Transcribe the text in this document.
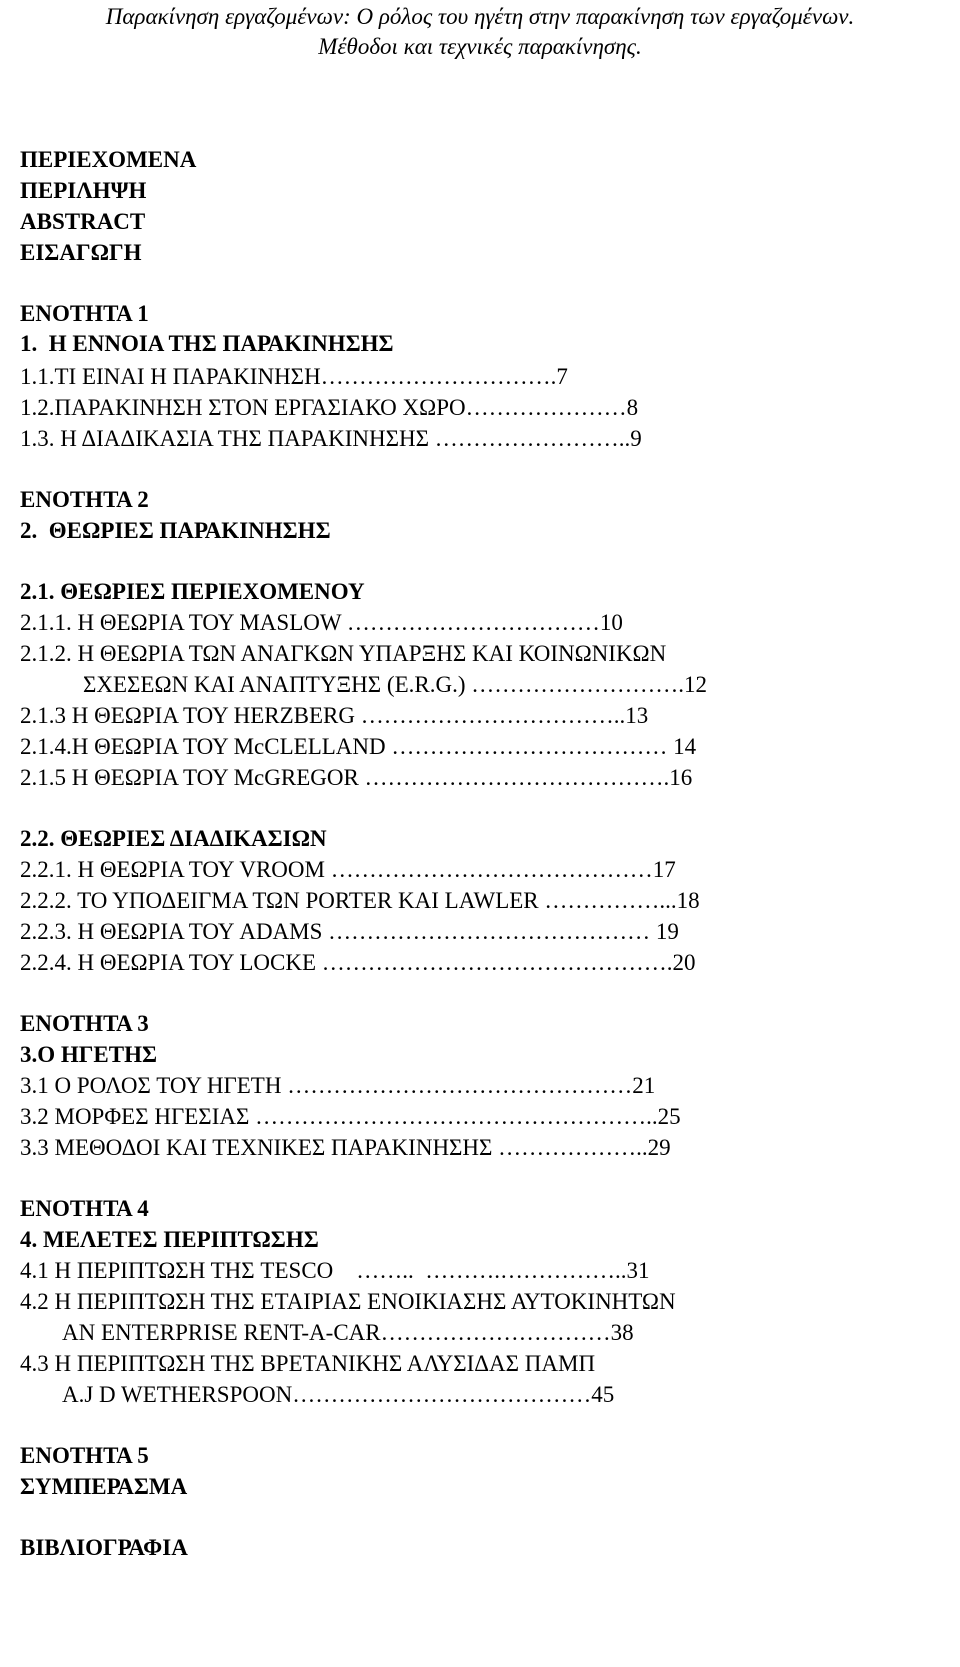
Παρακίνηση εργαζομένων: Ο ρόλος του ηγέτη στην παρακίνηση των εργαζομένων.
Μέθοδοι και τεχνικές παρακίνησης.
ΠΕΡΙΕΧΟΜΕΝΑ
ΠΕΡΙΛΗΨΗ
ABSTRACT
ΕΙΣΑΓΩΓΗ
ΕΝΟΤΗΤΑ 1
1.  Η ΕΝΝΟΙΑ ΤΗΣ ΠΑΡΑΚΙΝΗΣΗΣ
1.1.ΤΙ ΕΙΝΑΙ Η ΠΑΡΑΚΙΝΗΣΗ………………………….7
1.2.ΠΑΡΑΚΙΝΗΣΗ ΣΤΟΝ ΕΡΓΑΣΙΑΚΟ ΧΩΡΟ…………………8
1.3. Η ΔΙΑΔΙΚΑΣΙΑ ΤΗΣ ΠΑΡΑΚΙΝΗΣΗΣ ……………………..9
ΕΝΟΤΗΤΑ 2
2.  ΘΕΩΡΙΕΣ ΠΑΡΑΚΙΝΗΣΗΣ
2.1. ΘΕΩΡΙΕΣ ΠΕΡΙΕΧΟΜΕΝΟΥ
2.1.1. Η ΘΕΩΡΙΑ ΤΟΥ MASLOW ……………………………10
2.1.2. Η ΘΕΩΡΙΑ ΤΩΝ ΑΝΑΓΚΩΝ ΥΠΑΡΞΗΣ ΚΑΙ ΚΟΙΝΩΝΙΚΩΝ
ΣΧΕΣΕΩΝ ΚΑΙ ΑΝΑΠΤΥΞΗΣ (E.R.G.) ……………………….12
2.1.3 Η ΘΕΩΡΙΑ ΤΟΥ HERZBERG ……………………………..13
2.1.4.Η ΘΕΩΡΙΑ ΤΟΥ McCLELLAND ……………………………… 14
2.1.5 Η ΘΕΩΡΙΑ ΤΟΥ McGREGOR ………………………………….16
2.2. ΘΕΩΡΙΕΣ ΔΙΑΔΙΚΑΣΙΩΝ
2.2.1. Η ΘΕΩΡΙΑ ΤΟΥ VROOM ……………………………………17
2.2.2. ΤΟ ΥΠΟΔΕΙΓΜΑ ΤΩΝ PORTER ΚΑΙ LAWLER ……………...18
2.2.3. Η ΘΕΩΡΙΑ ΤΟΥ ADAMS …………………………………… 19
2.2.4. Η ΘΕΩΡΙΑ ΤΟΥ LOCKE ……………………………………….20
ΕΝΟΤΗΤΑ 3
3.Ο ΗΓΕΤΗΣ
3.1 Ο ΡΟΛΟΣ ΤΟΥ ΗΓΕΤΗ ………………………………………21
3.2 ΜΟΡΦΕΣ ΗΓΕΣΙΑΣ ……………………………………………..25
3.3 ΜΕΘΟΔΟΙ ΚΑΙ ΤΕΧΝΙΚΕΣ ΠΑΡΑΚΙΝΗΣΗΣ ………………..29
ΕΝΟΤΗΤΑ 4
4. ΜΕΛΕΤΕΣ ΠΕΡΙΠΤΩΣΗΣ
4.1 Η ΠΕΡΙΠΤΩΣΗ ΤΗΣ TESCO    ……..  ……….……………..31
4.2 Η ΠΕΡΙΠΤΩΣΗ ΤΗΣ ΕΤΑΙΡΙΑΣ ΕΝΟΙΚΙΑΣΗΣ ΑΥΤΟΚΙΝΗΤΩΝ
AN ENTERPRISE RENT-A-CAR…………………………38
4.3 Η ΠΕΡΙΠΤΩΣΗ ΤΗΣ ΒΡΕΤΑΝΙΚΗΣ ΑΛΥΣΙΔΑΣ ΠΑΜΠ
A.J D WETHERSPOON…………………………………45
ΕΝΟΤΗΤΑ 5
ΣΥΜΠΕΡΑΣΜΑ
ΒΙΒΛΙΟΓΡΑΦΙΑ
